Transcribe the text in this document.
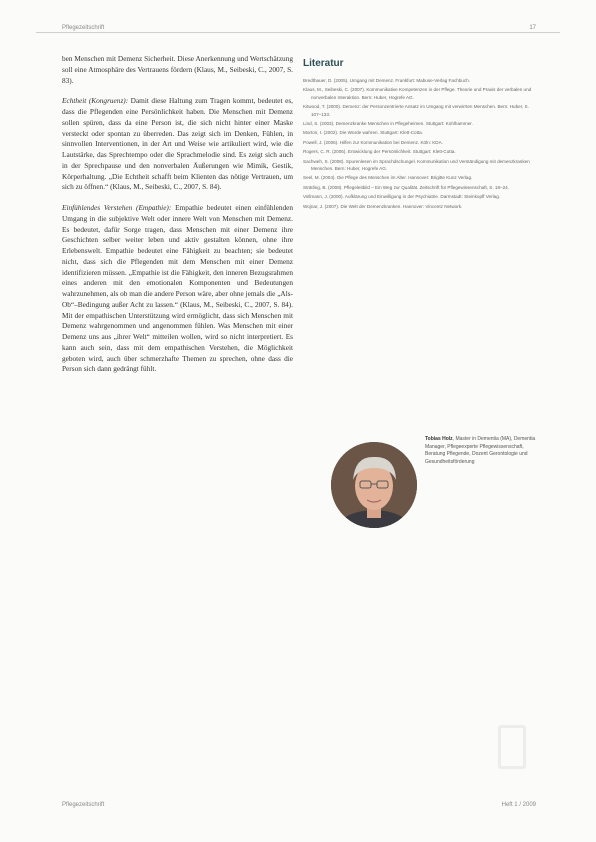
Pflegezeitschrift	17

ben Menschen mit Demenz Sicherheit. Diese Anerkennung und Wertschätzung soll eine Atmosphäre des Vertrauens fördern (Klaus, M., Seibeski, C., 2007, S. 83).

Echtheit (Kongruenz): Damit diese Haltung zum Tragen kommt, bedeutet es, dass die Pflegenden eine Persönlichkeit haben. Die Menschen mit Demenz sollen spüren, dass da eine Person ist, die sich nicht hinter einer Maske versteckt oder spontan zu überreden. Das zeigt sich im Denken, Fühlen, in sinnvollen Interventionen, in der Art und Weise wie artikuliert wird, wie die Lautstärke, das Sprechtempo oder die Sprachmelodie sind. Es zeigt sich auch in der Sprechpause und den nonverbalen Äußerungen wie Mimik, Gestik, Körperhaltung. „Die Echtheit schafft beim Klienten das nötige Vertrauen, um sich zu öffnen.“ (Klaus, M., Seibeski, C., 2007, S. 84).

Einfühlendes Verstehen (Empathie): Empathie bedeutet einen einfühlenden Umgang in die subjektive Welt oder innere Welt von Menschen mit Demenz. Es bedeutet, dafür Sorge tragen, dass Menschen mit einer Demenz ihre Geschichten selber weiter leben und aktiv gestalten können, ohne ihre Erlebenswelt. Empathie bedeutet eine Fähigkeit zu beachten; sie bedeutet nicht, dass sich die Pflegenden mit dem Menschen mit einer Demenz identifizieren müssen. „Empathie ist die Fähigkeit, den inneren Bezugsrahmen eines anderen mit den emotionalen Komponenten und Bedeutungen wahrzunehmen, als ob man die andere Person wäre, aber ohne jemals die „Als-Ob“–Bedingung außer Acht zu lassen.“ (Klaus, M., Seibeski, C., 2007, S. 84). Mit der empathischen Unterstützung wird ermöglicht, dass sich Menschen mit Demenz wahrgenommen und angenommen fühlen. Was Menschen mit einer Demenz uns aus „ihrer Welt“ mitteilen wollen, wird so nicht interpretiert. Es kann auch sein, dass mit dem empathischen Verstehen, die Möglichkeit geboten wird, auch über schmerzhafte Themen zu sprechen, ohne dass die Person sich dann gedrängt fühlt.

Literatur
Bredthauer, D. (2005). Umgang mit Demenz. Frankfurt: Mabuse-Verlag Fachbuch.
Klaus, M., Seibeski, C. (2007). Kommunikative Kompetenzen in der Pflege. Theorie und Praxis der verbalen und nonverbalen Interaktion. Bern: Huber, Hogrefe AG.
Kitwood, T. (2000). Demenz: der Personzentrierte Ansatz im Umgang mit verwirrten Menschen. Bern: Huber, S. 107–133.
Lind, S. (2003). Demenzkranke Menschen in Pflegeheimen. Stuttgart: Kohlhammer.
Morton, I. (2002). Die Würde wahren. Stuttgart: Klett-Cotta.
Powell, J. (2006). Hilfen zur Kommunikation bei Demenz. Köln: KDA.
Rogers, C. R. (2005). Entwicklung der Persönlichkeit. Stuttgart: Klett-Cotta.
Sachweh, S. (2008). Spurenlesen im Sprachdschungel. Kommunikation und Verständigung mit demenzkranken Menschen. Bern: Huber, Hogrefe AG.
Seel, M. (2004). Die Pflege des Menschen im Alter. Hannover: Brigitte Kunz Verlag.
Strätling, B. (2008). Pflegeleitbild – Ein Weg zur Qualität. Zeitschrift für Pflegewissenschaft, S. 18–24.
Vollmann, J. (2000). Aufklärung und Einwilligung in der Psychiatrie. Darmstadt: Steinkopff Verlag.
Wojnar, J. (2007). Die Welt der Demenzkranken. Hannover: Vincentz Network.
Tobias Holz, Master in Dementia (MA), Dementia Manager, Pflegeexperte Pflegewissenschaft, Beratung Pflegende, Dozent Gerontologie und Gesundheitsförderung
Pflegezeitschrift	Heft 1 / 2009
